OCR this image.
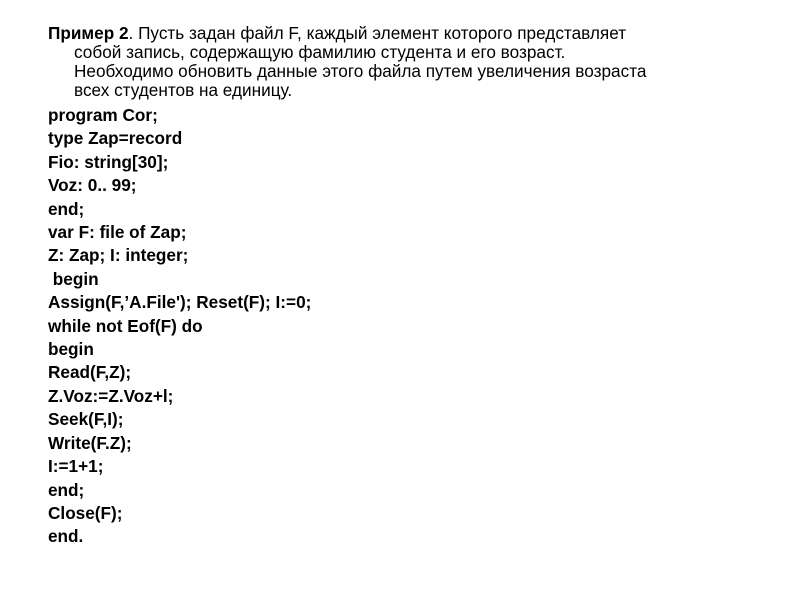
Пример 2. Пусть задан файл F, каждый элемент которого представляет
собой запись, содержащую фамилию студента и его возраст.
Необходимо обновить данные этого файла путем увеличения возраста
всех студентов на единицу.
program Cor;
type Zap=record
Fio: string[30];
Voz: 0.. 99;
end;
var F: file of Zap;
Z: Zap; I: integer;
begin
Assign(F,’A.File'); Reset(F); I:=0;
while not Eof(F) do
begin
Read(F,Z);
Z.Voz:=Z.Voz+l;
Seek(F,I);
Write(F.Z);
I:=1+1;
end;
Close(F);
end.
